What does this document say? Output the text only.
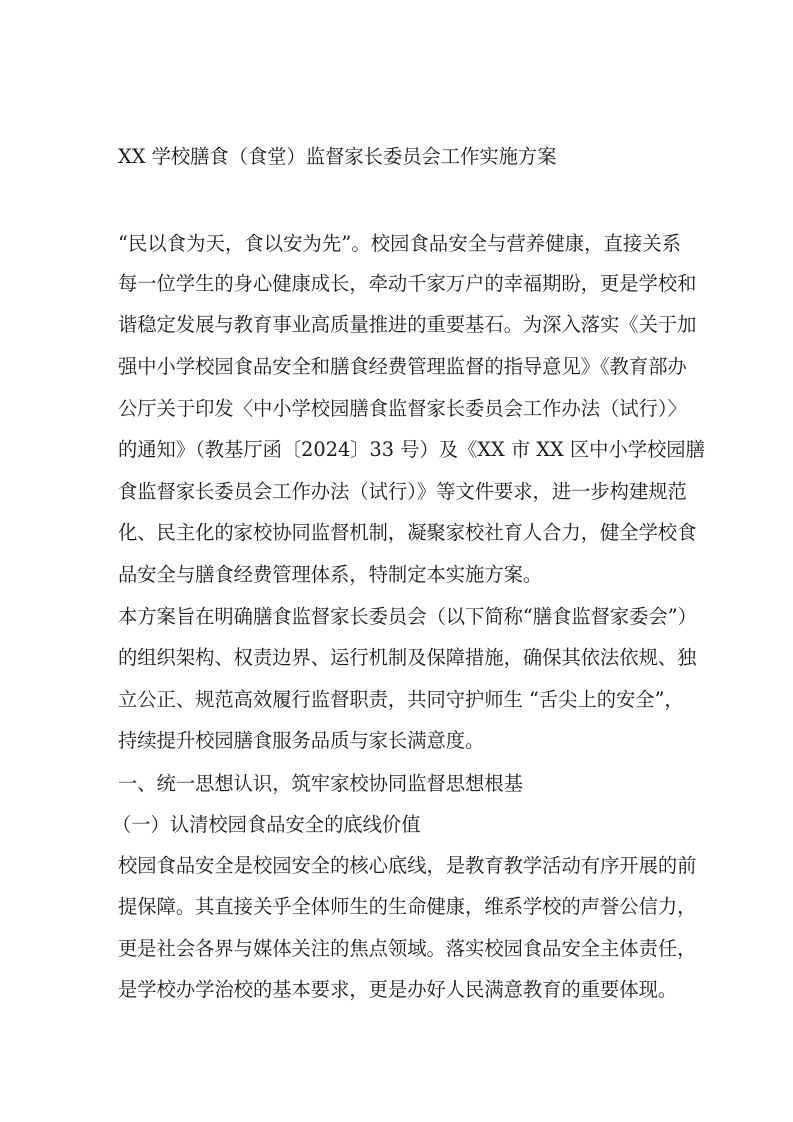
XX 学校膳食（食堂）监督家长委员会工作实施方案
“民以食为天，食以安为先”。校园食品安全与营养健康，直接关系
每一位学生的身心健康成长，牵动千家万户的幸福期盼，更是学校和
谐稳定发展与教育事业高质量推进的重要基石。为深入落实《关于加
强中小学校园食品安全和膳食经费管理监督的指导意见》《教育部办
公厅关于印发〈中小学校园膳食监督家长委员会工作办法（试行）〉
的通知》（教基厅函〔2024〕33 号）及《XX 市 XX 区中小学校园膳
食监督家长委员会工作办法（试行）》等文件要求，进一步构建规范
化、民主化的家校协同监督机制，凝聚家校社育人合力，健全学校食
品安全与膳食经费管理体系，特制定本实施方案。
本方案旨在明确膳食监督家长委员会（以下简称“膳食监督家委会”）
的组织架构、权责边界、运行机制及保障措施，确保其依法依规、独
立公正、规范高效履行监督职责，共同守护师生 “舌尖上的安全”，
持续提升校园膳食服务品质与家长满意度。
一、统一思想认识，筑牢家校协同监督思想根基
（一）认清校园食品安全的底线价值
校园食品安全是校园安全的核心底线，是教育教学活动有序开展的前
提保障。其直接关乎全体师生的生命健康，维系学校的声誉公信力，
更是社会各界与媒体关注的焦点领域。落实校园食品安全主体责任，
是学校办学治校的基本要求，更是办好人民满意教育的重要体现。
